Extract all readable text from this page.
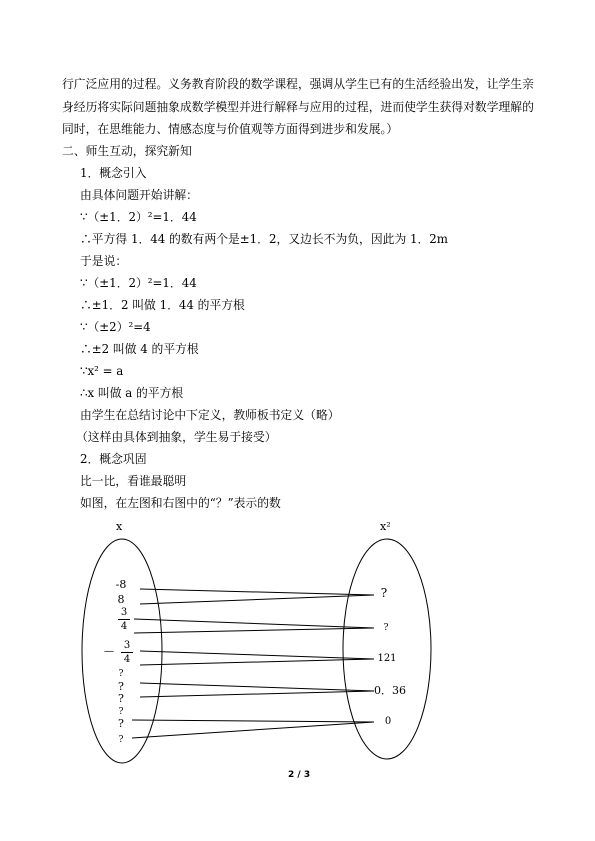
行广泛应用的过程。义务教育阶段的数学课程，强调从学生已有的生活经验出发，让学生亲
身经历将实际问题抽象成数学模型并进行解释与应用的过程，进而使学生获得对数学理解的
同时，在思维能力、情感态度与价值观等方面得到进步和发展。）
二、师生互动，探究新知
1．概念引入
由具体问题开始讲解：
∵（±1．2）²=1．44
∴平方得 1．44 的数有两个是±1．2，又边长不为负，因此为 1．2m
于是说：
∵（±1．2）²=1．44
∴±1．2 叫做 1．44 的平方根
∵（±2）²=4
∴±2 叫做 4 的平方根
∵x² = a
∴x 叫做 a 的平方根
由学生在总结讨论中下定义，教师板书定义（略）
（这样由具体到抽象，学生易于接受）
2．概念巩固
比一比，看谁最聪明
如图，在左图和右图中的“？”表示的数
x	x²
-8
8
3
4
—
3
4
?
?
?
?
?
?
?
?
121
0．36
0
2 / 3
